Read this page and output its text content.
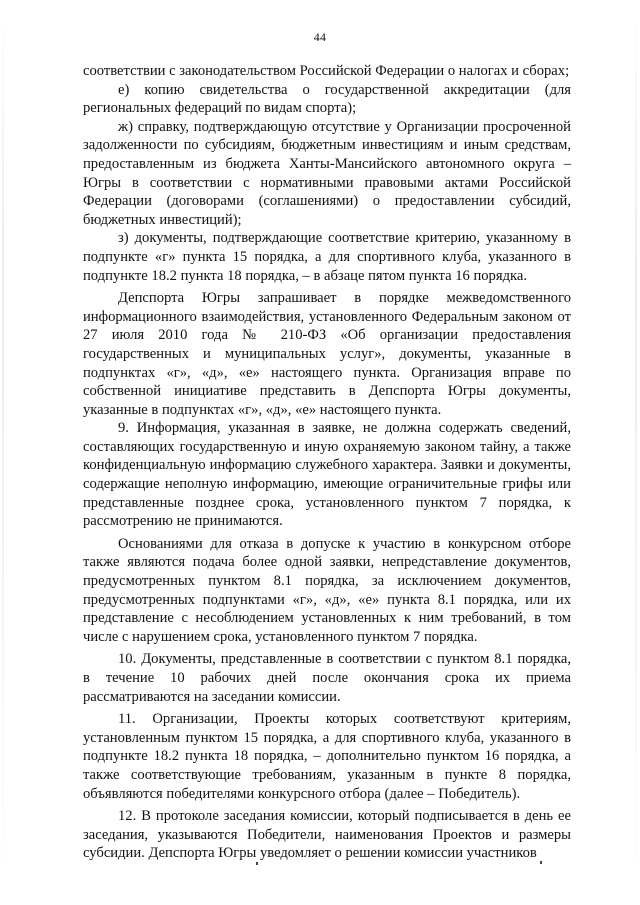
44

соответствии с законодательством Российской Федерации о налогах и сборах;

е) копию свидетельства о государственной аккредитации (для региональных федераций по видам спорта);

ж) справку, подтверждающую отсутствие у Организации просроченной задолженности по субсидиям, бюджетным инвестициям и иным средствам, предоставленным из бюджета Ханты-Мансийского автономного округа – Югры в соответствии с нормативными правовыми актами Российской Федерации (договорами (соглашениями) о предоставлении субсидий, бюджетных инвестиций);

з) документы, подтверждающие соответствие критерию, указанному в подпункте «г» пункта 15 порядка, а для спортивного клуба, указанного в подпункте 18.2 пункта 18 порядка, – в абзаце пятом пункта 16 порядка.

Депспорта Югры запрашивает в порядке межведомственного информационного взаимодействия, установленного Федеральным законом от 27 июля 2010 года № 210-ФЗ «Об организации предоставления государственных и муниципальных услуг», документы, указанные в подпунктах «г», «д», «е» настоящего пункта. Организация вправе по собственной инициативе представить в Депспорта Югры документы, указанные в подпунктах «г», «д», «е» настоящего пункта.

9. Информация, указанная в заявке, не должна содержать сведений, составляющих государственную и иную охраняемую законом тайну, а также конфиденциальную информацию служебного характера. Заявки и документы, содержащие неполную информацию, имеющие ограничительные грифы или представленные позднее срока, установленного пунктом 7 порядка, к рассмотрению не принимаются.

Основаниями для отказа в допуске к участию в конкурсном отборе также являются подача более одной заявки, непредставление документов, предусмотренных пунктом 8.1 порядка, за исключением документов, предусмотренных подпунктами «г», «д», «е» пункта 8.1 порядка, или их представление с несоблюдением установленных к ним требований, в том числе с нарушением срока, установленного пунктом 7 порядка.

10. Документы, представленные в соответствии с пунктом 8.1 порядка, в течение 10 рабочих дней после окончания срока их приема рассматриваются на заседании комиссии.

11. Организации, Проекты которых соответствуют критериям, установленным пунктом 15 порядка, а для спортивного клуба, указанного в подпункте 18.2 пункта 18 порядка, – дополнительно пунктом 16 порядка, а также соответствующие требованиям, указанным в пункте 8 порядка, объявляются победителями конкурсного отбора (далее – Победитель).

12. В протоколе заседания комиссии, который подписывается в день ее заседания, указываются Победители, наименования Проектов и размеры субсидии. Депспорта Югры уведомляет о решении комиссии участников
